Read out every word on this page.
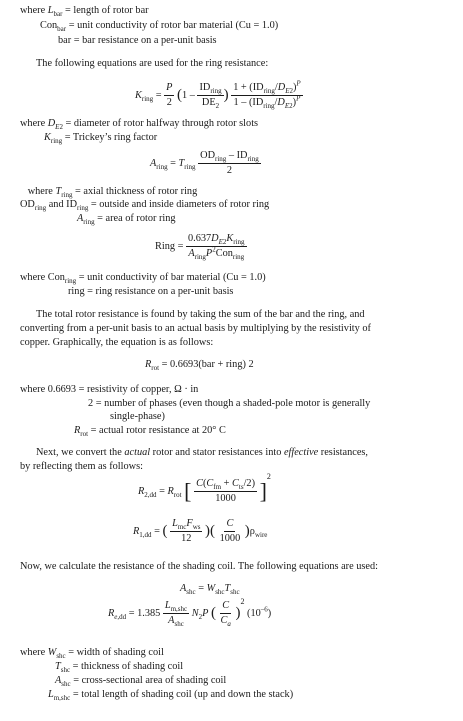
where $L_{bar}$ = length of rotor bar
Con$_{bar}$ = unit conductivity of rotor bar material (Cu = 1.0)
bar = bar resistance on a per-unit basis
The following equations are used for the ring resistance:
$K_{ring} = \frac{P}{2} (1 - \frac{ID_{ring}}{DE_2}$ ) $\frac{1 + (ID_{ring}/D_{E2})^P}{1 - (ID_{ring}/D_{E2})^P}$
where $D_{E2}$ = diameter of rotor halfway through rotor slots
$K_{ring}$ = Trickey’s ring factor
$A_{ring} = T_{ring} \frac{OD_{ring} - ID_{ring}}{2}$
where $T_{ring}$ = axial thickness of rotor ring
$OD_{ring}$ and $ID_{ring}$ = outside and inside diameters of rotor ring
$A_{ring}$ = area of rotor ring
Ring = $\frac{0.637D_{E2}K_{ring}}{A_{ring}P^2Con_{ring}}$
where Con$_{ring}$ = unit conductivity of bar material (Cu = 1.0)
ring = ring resistance on a per-unit basis
The total rotor resistance is found by taking the sum of the bar and the ring, and
converting from a per-unit basis to an actual basis by multiplying by the resistivity of
copper. Graphically, the equation is as follows:
$R_{rot} = 0.6693(bar$ + ring) 2
where 0.6693 = resistivity of copper, Ω · in
2 = number of phases (even though a shaded-pole motor is generally
single-phase)
$R_{rot}$ = actual rotor resistance at 20° C
Next, we convert the actual rotor and stator resistances into effective resistances,
by reflecting them as follows:
$R_{2,dd} = R_{rot}$ [ $\frac{C(C_{fm} + C_{ts}/2)}{1000} ]^2$
$R_{1,dd}$ = ( $\frac{L_{mc}F_{ws}}{12}$ )( $\frac{C}{1000} )\rho_{wire}$
Now, we calculate the resistance of the shading coil. The following equations are used:
$A_{shc} = W_{shc}T_{shc}$
$R_{e,dd} = 1.385 \frac{L_{m,shc}}{A_{shc}} N_2P$ ( $\frac{C}{C_a} )^2$ $(10^{-6})$
where $W_{shc}$ = width of shading coil
$T_{shc}$ = thickness of shading coil
$A_{shc}$ = cross-sectional area of shading coil
$L_{m,shc}$ = total length of shading coil (up and down the stack)
